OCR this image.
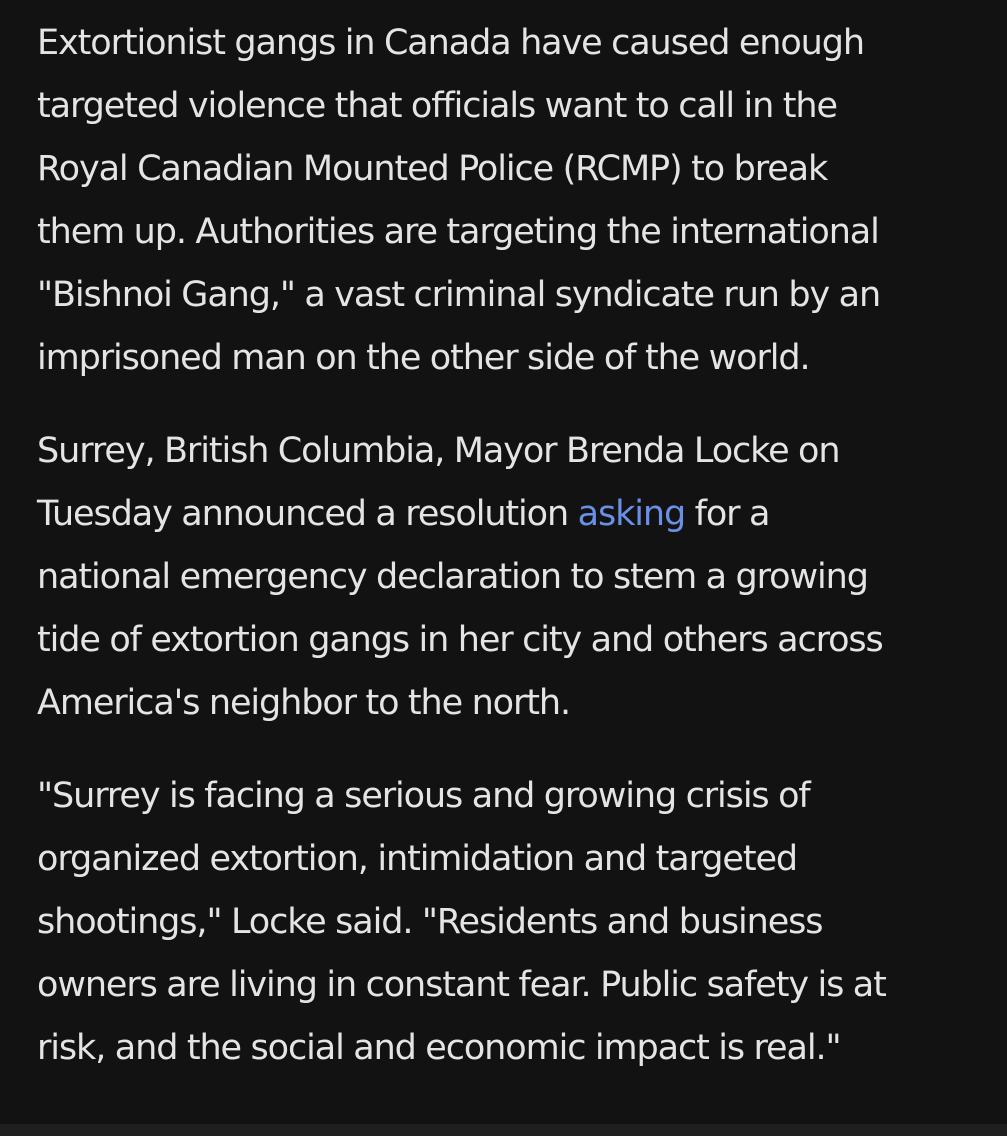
Extortionist gangs in Canada have caused enough
targeted violence that officials want to call in the
Royal Canadian Mounted Police (RCMP) to break
them up. Authorities are targeting the international
"Bishnoi Gang," a vast criminal syndicate run by an
imprisoned man on the other side of the world.

Surrey, British Columbia, Mayor Brenda Locke on
Tuesday announced a resolution asking for a
national emergency declaration to stem a growing
tide of extortion gangs in her city and others across
America's neighbor to the north.

"Surrey is facing a serious and growing crisis of
organized extortion, intimidation and targeted
shootings," Locke said. "Residents and business
owners are living in constant fear. Public safety is at
risk, and the social and economic impact is real."
